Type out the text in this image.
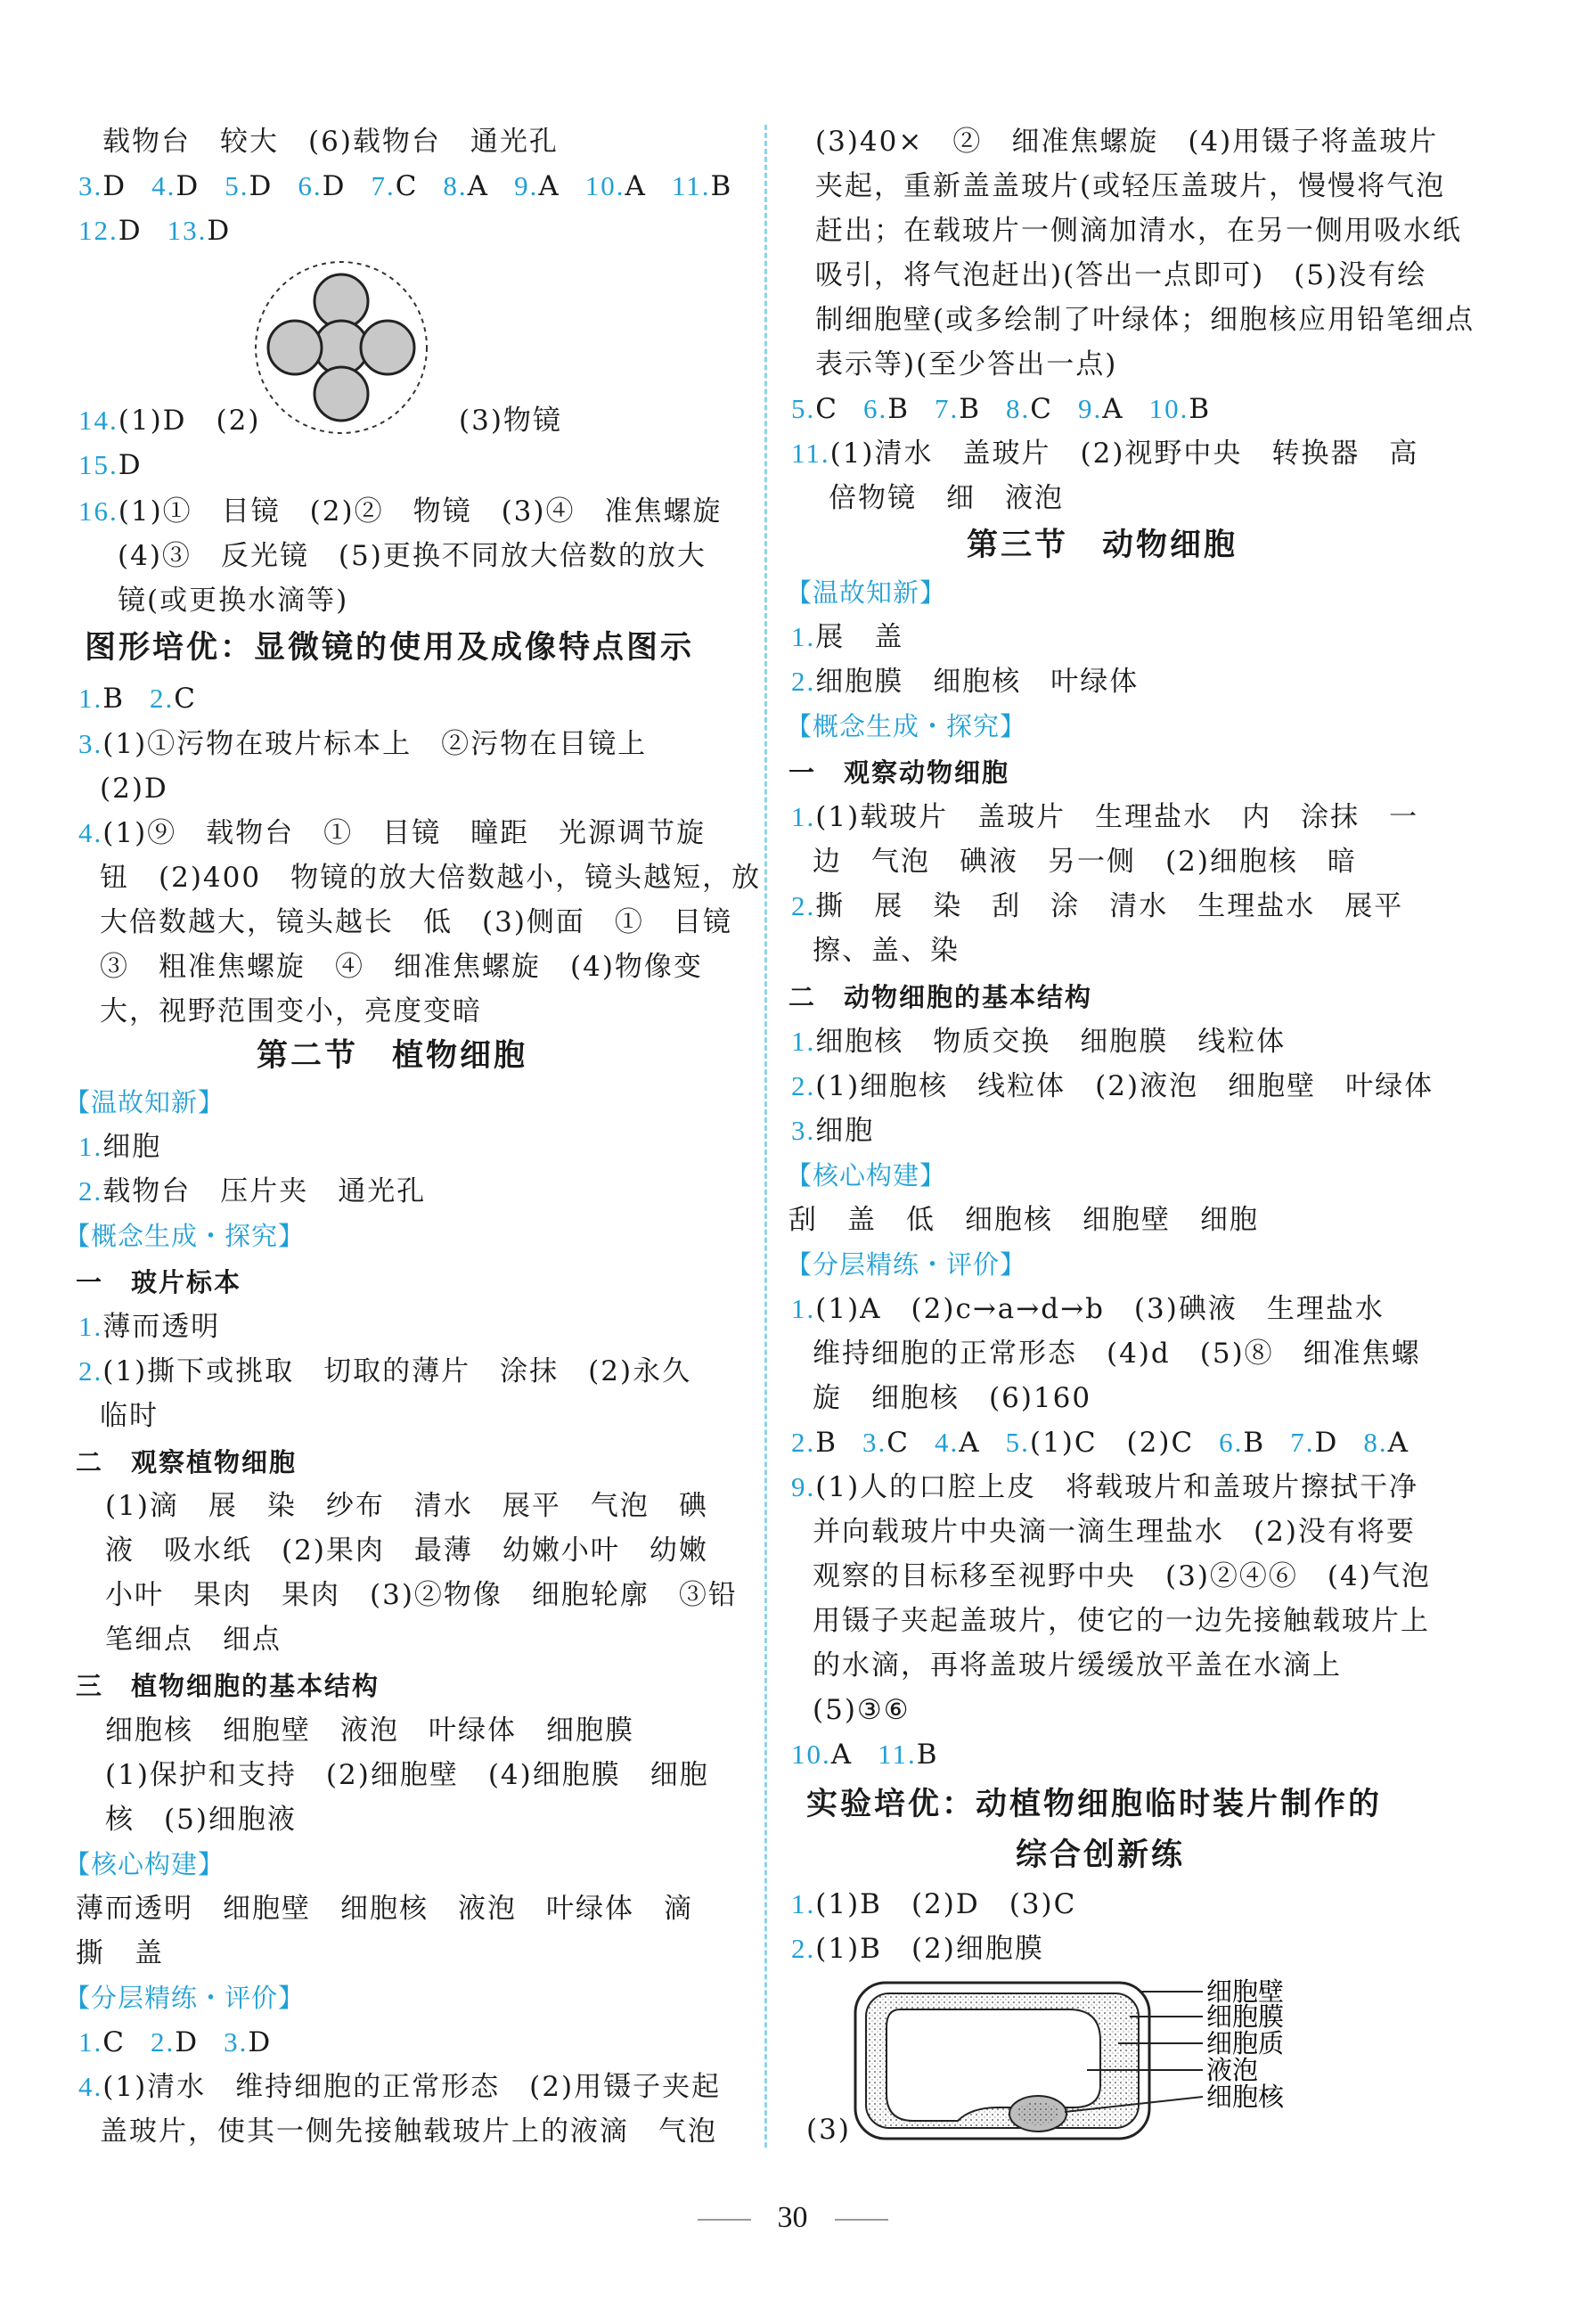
载物台　较大　(6)载物台　通光孔
3.D 4.D 5.D 6.D 7.C 8.A 9.A 10.A 11.B
12.D 13.D
14.(1)D　(2)	(3)物镜
15.D
16.(1)①　目镜　(2)②　物镜　(3)④　准焦螺旋
(4)③　反光镜　(5)更换不同放大倍数的放大
镜(或更换水滴等)
图形培优：显微镜的使用及成像特点图示
1.B 2.C
3.(1)①污物在玻片标本上　②污物在目镜上
(2)D
4.(1)⑨　载物台　①　目镜　瞳距　光源调节旋
钮　(2)400　物镜的放大倍数越小，镜头越短，放
大倍数越大，镜头越长　低　(3)侧面　①　目镜
③　粗准焦螺旋　④　细准焦螺旋　(4)物像变
大，视野范围变小，亮度变暗
第二节　植物细胞
【温故知新】
1.细胞
2.载物台　压片夹　通光孔
【概念生成・探究】
一　玻片标本
1.薄而透明
2.(1)撕下或挑取　切取的薄片　涂抹　(2)永久
临时
二　观察植物细胞
(1)滴　展　染　纱布　清水　展平　气泡　碘
液　吸水纸　(2)果肉　最薄　幼嫩小叶　幼嫩
小叶　果肉　果肉　(3)②物像　细胞轮廓　③铅
笔细点　细点
三　植物细胞的基本结构
细胞核　细胞壁　液泡　叶绿体　细胞膜
(1)保护和支持　(2)细胞壁　(4)细胞膜　细胞
核　(5)细胞液
【核心构建】
薄而透明　细胞壁　细胞核　液泡　叶绿体　滴
撕　盖
【分层精练・评价】
1.C 2.D 3.D
4.(1)清水　维持细胞的正常形态　(2)用镊子夹起
盖玻片，使其一侧先接触载玻片上的液滴　气泡
(3)40×　②　细准焦螺旋　(4)用镊子将盖玻片
夹起，重新盖盖玻片(或轻压盖玻片，慢慢将气泡
赶出；在载玻片一侧滴加清水，在另一侧用吸水纸
吸引，将气泡赶出)(答出一点即可)　(5)没有绘
制细胞壁(或多绘制了叶绿体；细胞核应用铅笔细点
表示等)(至少答出一点)
5.C 6.B 7.B 8.C 9.A 10.B
11.(1)清水　盖玻片　(2)视野中央　转换器　高
倍物镜　细　液泡
第三节　动物细胞
【温故知新】
1.展　盖
2.细胞膜　细胞核　叶绿体
【概念生成・探究】
一　观察动物细胞
1.(1)载玻片　盖玻片　生理盐水　内　涂抹　一
边　气泡　碘液　另一侧　(2)细胞核　暗
2.撕　展　染　刮　涂　清水　生理盐水　展平
擦、盖、染
二　动物细胞的基本结构
1.细胞核　物质交换　细胞膜　线粒体
2.(1)细胞核　线粒体　(2)液泡　细胞壁　叶绿体
3.细胞
【核心构建】
刮　盖　低　细胞核　细胞壁　细胞
【分层精练・评价】
1.(1)A　(2)c→a→d→b　(3)碘液　生理盐水
维持细胞的正常形态　(4)d　(5)⑧　细准焦螺
旋　细胞核　(6)160
2.B 3.C 4.A 5.(1)C　(2)C 6.B 7.D 8.A
9.(1)人的口腔上皮　将载玻片和盖玻片擦拭干净
并向载玻片中央滴一滴生理盐水　(2)没有将要
观察的目标移至视野中央　(3)②④⑥　(4)气泡
用镊子夹起盖玻片，使它的一边先接触载玻片上
的水滴，再将盖玻片缓缓放平盖在水滴上
(5)③⑥
10.A 11.B
实验培优：动植物细胞临时装片制作的
综合创新练
1.(1)B　(2)D　(3)C
2.(1)B　(2)细胞膜
(3)
细胞壁
细胞膜
细胞质
液泡
细胞核
30
